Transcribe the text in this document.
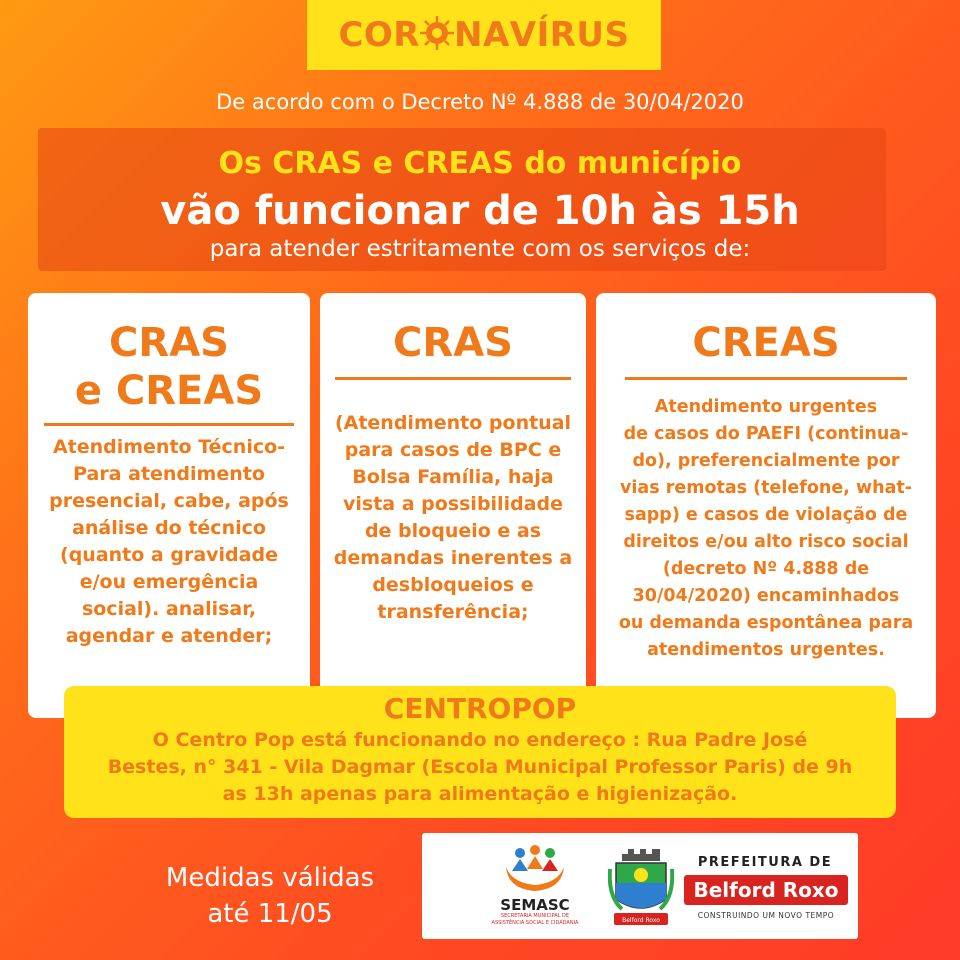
COR NA VÍRUS
De acordo com o Decreto Nº 4.888 de 30/04/2020
Os CRAS e CREAS do município
vão funcionar de 10h às 15h
para atender estritamente com os serviços de:
CRAS
e CREAS
Atendimento Técnico-
Para atendimento
presencial, cabe, após
análise do técnico
(quanto a gravidade
e/ou emergência
social). analisar,
agendar e atender;
CRAS
(Atendimento pontual
para casos de BPC e
Bolsa Família, haja
vista a possibilidade
de bloqueio e as
demandas inerentes a
desbloqueios e
transferência;
CREAS
Atendimento urgentes
de casos do PAEFI (continua-
do), preferencialmente por
vias remotas (telefone, what-
sapp) e casos de violação de
direitos e/ou alto risco social
(decreto Nº 4.888 de
30/04/2020) encaminhados
ou demanda espontânea para
atendimentos urgentes.
CENTROPOP
O Centro Pop está funcionando no endereço : Rua Padre José
Bestes, n° 341 - Vila Dagmar (Escola Municipal Professor Paris) de 9h
as 13h apenas para alimentação e higienização.
Medidas válidas
até 11/05	SEMASC
SECRETARIA MUNICIPAL DE
ASSISTÊNCIA SOCIAL E CIDADANIA	Belford Roxo
PREFEITURA DE
Belford Roxo
CONSTRUINDO UM NOVO TEMPO
